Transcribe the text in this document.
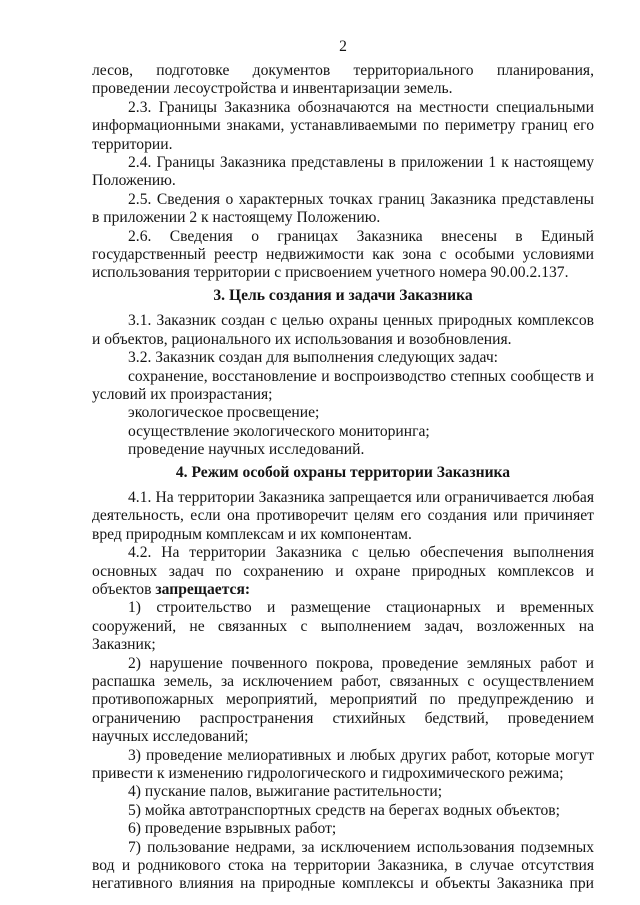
2

лесов, подготовке документов территориального планирования, проведении лесоустройства и инвентаризации земель.

2.3. Границы Заказника обозначаются на местности специальными информационными знаками, устанавливаемыми по периметру границ его территории.

2.4. Границы Заказника представлены в приложении 1 к настоящему Положению.

2.5. Сведения о характерных точках границ Заказника представлены в приложении 2 к настоящему Положению.

2.6. Сведения о границах Заказника внесены в Единый государственный реестр недвижимости как зона с особыми условиями использования территории с присвоением учетного номера 90.00.2.137.

3. Цель создания и задачи Заказника

3.1. Заказник создан с целью охраны ценных природных комплексов и объектов, рационального их использования и возобновления.

3.2. Заказник создан для выполнения следующих задач:

сохранение, восстановление и воспроизводство степных сообществ и условий их произрастания;

экологическое просвещение;

осуществление экологического мониторинга;

проведение научных исследований.

4. Режим особой охраны территории Заказника

4.1. На территории Заказника запрещается или ограничивается любая деятельность, если она противоречит целям его создания или причиняет вред природным комплексам и их компонентам.

4.2. На территории Заказника с целью обеспечения выполнения основных задач по сохранению и охране природных комплексов и объектов запрещается:

1) строительство и размещение стационарных и временных сооружений, не связанных с выполнением задач, возложенных на Заказник;

2) нарушение почвенного покрова, проведение земляных работ и распашка земель, за исключением работ, связанных с осуществлением противопожарных мероприятий, мероприятий по предупреждению и ограничению распространения стихийных бедствий, проведением научных исследований;

3) проведение мелиоративных и любых других работ, которые могут привести к изменению гидрологического и гидрохимического режима;

4) пускание палов, выжигание растительности;

5) мойка автотранспортных средств на берегах водных объектов;

6) проведение взрывных работ;

7) пользование недрами, за исключением использования подземных вод и родникового стока на территории Заказника, в случае отсутствия негативного влияния на природные комплексы и объекты Заказника при
